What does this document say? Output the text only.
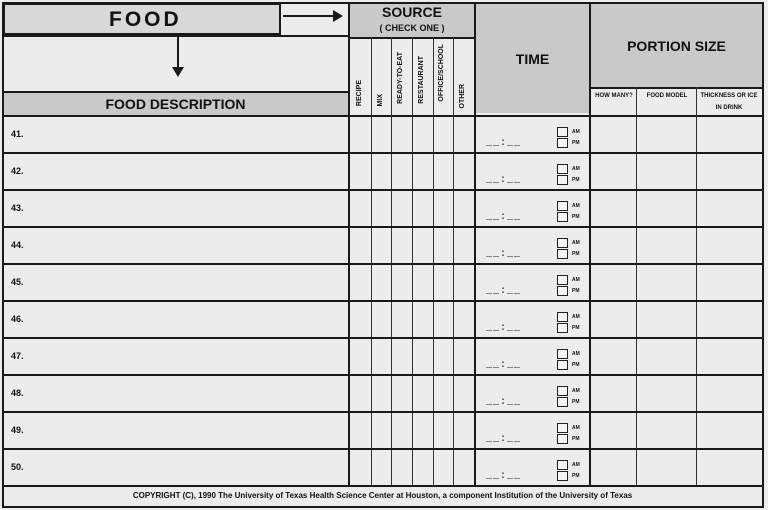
FOOD
FOOD DESCRIPTION
SOURCE
( CHECK ONE )
RECIPE MIX READY-TO-EAT RESTAURANT OFFICE/SCHOOL OTHER
TIME
PORTION SIZE
HOW MANY?	FOOD MODEL	THICKNESS OR ICE IN DRINK
41.
__:__
AM
PM
42.
__:__
AM
PM
43.
__:__
AM
PM
44.
__:__
AM
PM
45.
__:__
AM
PM
46.
__:__
AM
PM
47.
__:__
AM
PM
48.
__:__
AM
PM
49.
__:__
AM
PM
50.
__:__
AM
PM
COPYRIGHT (C), 1990 The University of Texas Health Science Center at Houston, a component Institution of the University of Texas
